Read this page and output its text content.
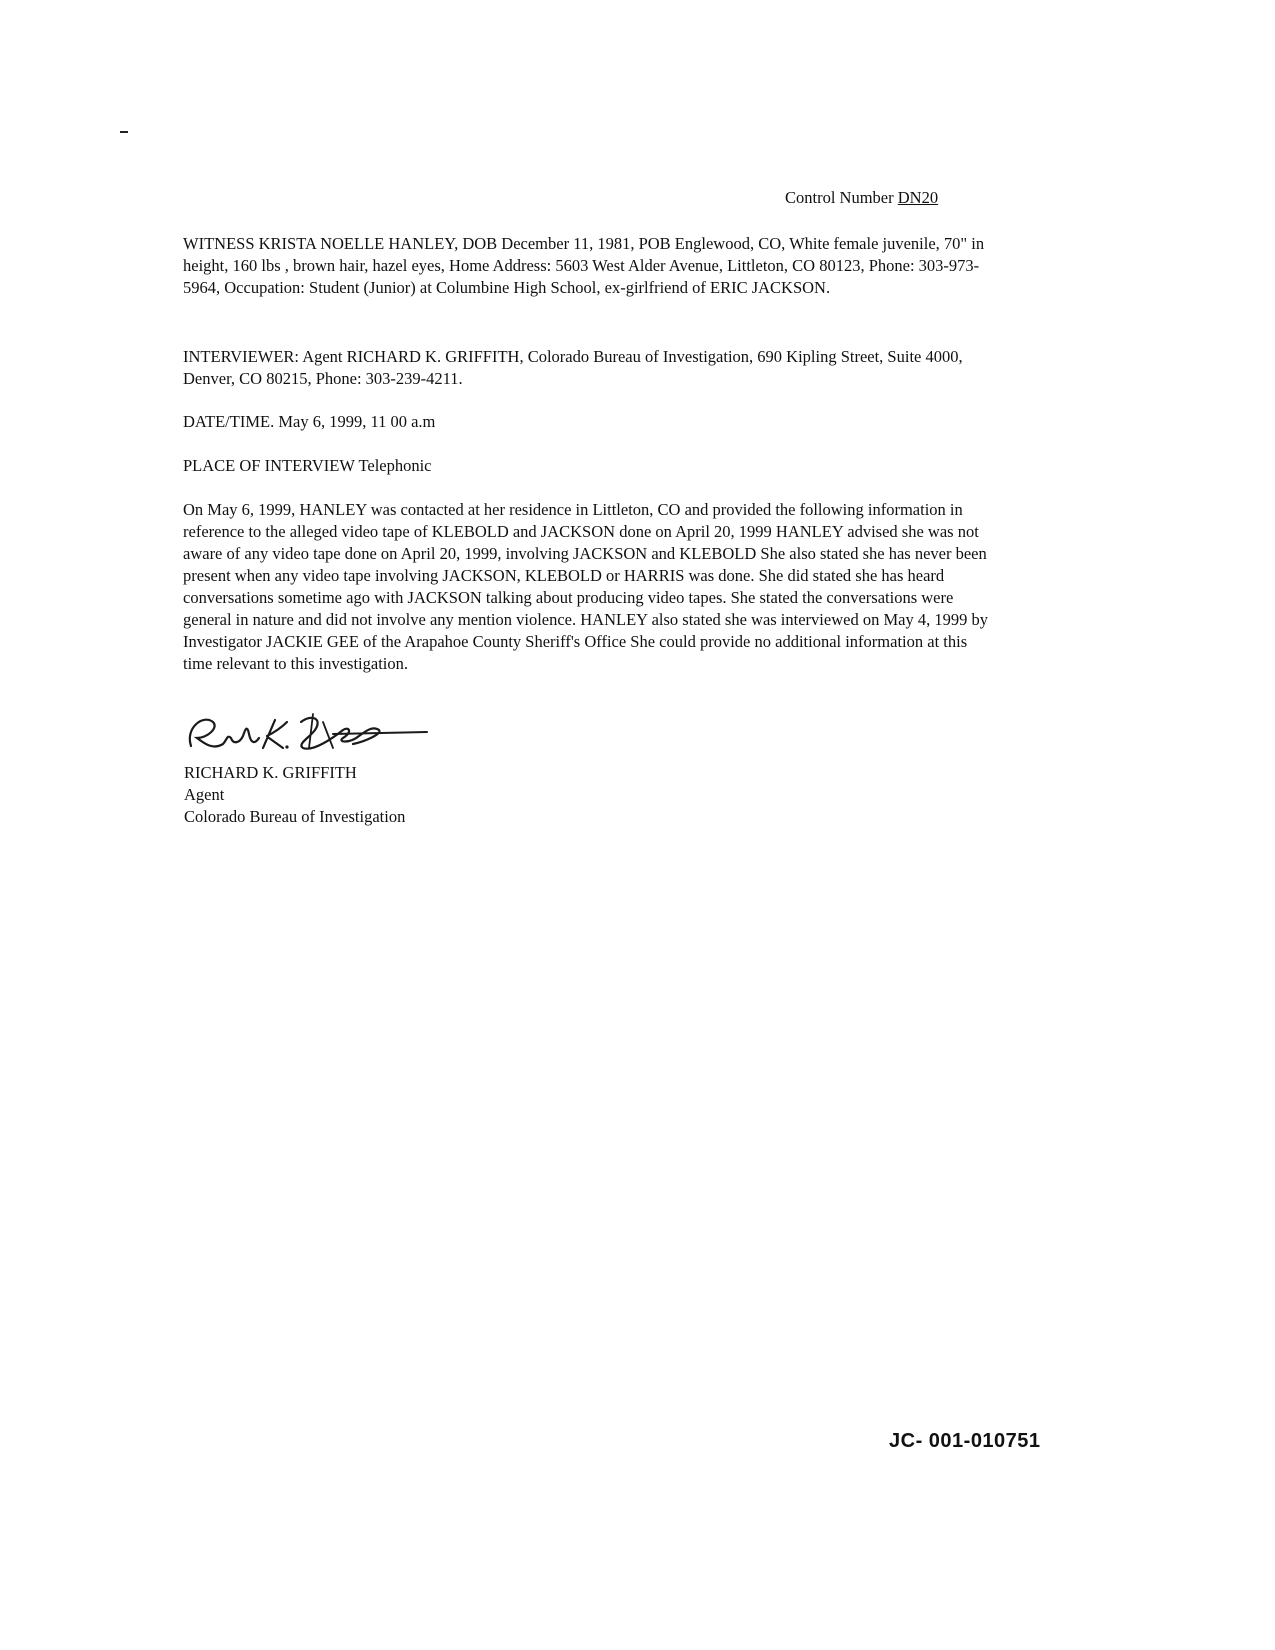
Control Number DN20
WITNESS KRISTA NOELLE HANLEY, DOB December 11, 1981, POB Englewood, CO, White female juvenile, 70" in height, 160 lbs , brown hair, hazel eyes, Home Address: 5603 West Alder Avenue, Littleton, CO 80123, Phone: 303-973-5964, Occupation: Student (Junior) at Columbine High School, ex-girlfriend of ERIC JACKSON.
INTERVIEWER: Agent RICHARD K. GRIFFITH, Colorado Bureau of Investigation, 690 Kipling Street, Suite 4000, Denver, CO 80215, Phone: 303-239-4211.
DATE/TIME. May 6, 1999, 11 00 a.m
PLACE OF INTERVIEW Telephonic
On May 6, 1999, HANLEY was contacted at her residence in Littleton, CO and provided the following information in reference to the alleged video tape of KLEBOLD and JACKSON done on April 20, 1999 HANLEY advised she was not aware of any video tape done on April 20, 1999, involving JACKSON and KLEBOLD She also stated she has never been present when any video tape involving JACKSON, KLEBOLD or HARRIS was done. She did stated she has heard conversations sometime ago with JACKSON talking about producing video tapes. She stated the conversations were general in nature and did not involve any mention violence. HANLEY also stated she was interviewed on May 4, 1999 by Investigator JACKIE GEE of the Arapahoe County Sheriff's Office She could provide no additional information at this time relevant to this investigation.
RICHARD K. GRIFFITH
Agent
Colorado Bureau of Investigation
JC- 001-010751
